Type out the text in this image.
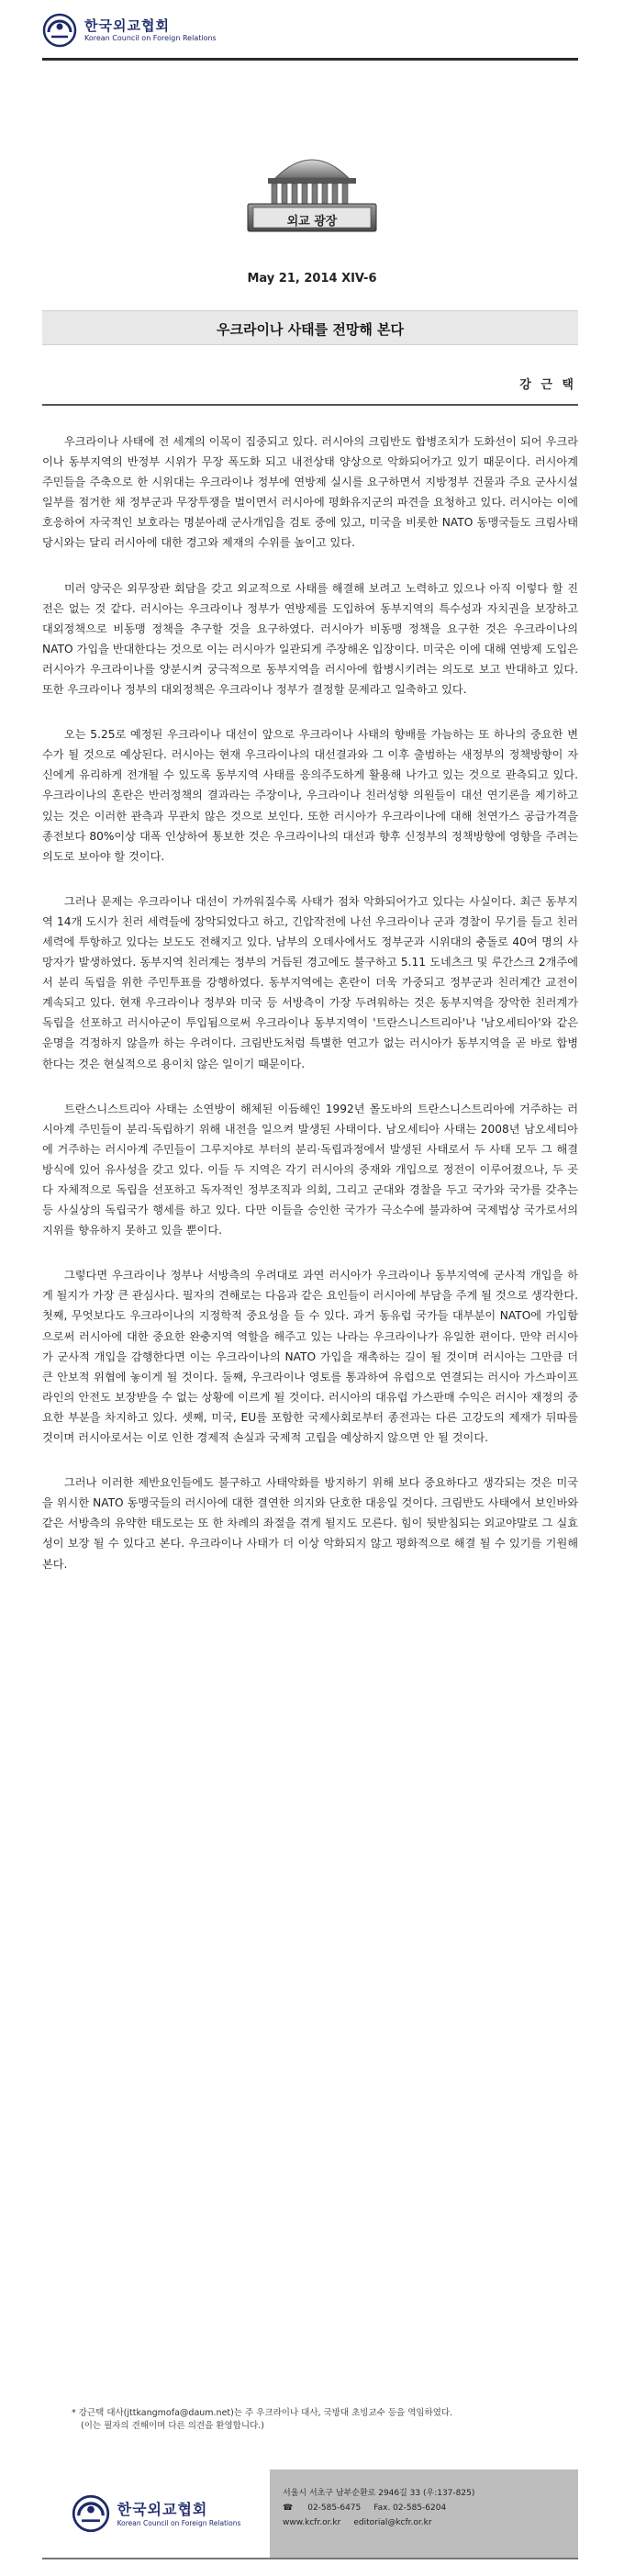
한국외교협회
Korean Council on Foreign Relations
외교 광장
May 21, 2014 XIV-6
우크라이나 사태를 전망해 본다
강 근 택

우크라이나 사태에 전 세계의 이목이 집중되고 있다. 러시아의 크림반도 합병조치가 도화선이 되어 우크라이나 동부지역의 반정부 시위가 무장 폭도화 되고 내전상태 양상으로 악화되어가고 있기 때문이다. 러시아계 주민들을 주축으로 한 시위대는 우크라이나 정부에 연방제 실시를 요구하면서 지방정부 건물과 주요 군사시설 일부를 점거한 채 정부군과 무장투쟁을 벌이면서 러시아에 평화유지군의 파견을 요청하고 있다. 러시아는 이에 호응하여 자국적인 보호라는 명분아래 군사개입을 검토 중에 있고, 미국을 비롯한 NATO 동맹국들도 크림사태 당시와는 달리 러시아에 대한 경고와 제재의 수위를 높이고 있다.

미러 양국은 외무장관 회담을 갖고 외교적으로 사태를 해결해 보려고 노력하고 있으나 아직 이렇다 할 진전은 없는 것 같다. 러시아는 우크라이나 정부가 연방제를 도입하여 동부지역의 특수성과 자치권을 보장하고 대외정책으로 비동맹 정책을 추구할 것을 요구하였다. 러시아가 비동맹 정책을 요구한 것은 우크라이나의 NATO 가입을 반대한다는 것으로 이는 러시아가 일관되게 주장해온 입장이다. 미국은 이에 대해 연방제 도입은 러시아가 우크라이나를 양분시켜 궁극적으로 동부지역을 러시아에 합병시키려는 의도로 보고 반대하고 있다. 또한 우크라이나 정부의 대외정책은 우크라이나 정부가 결정할 문제라고 일축하고 있다.

오는 5.25로 예정된 우크라이나 대선이 앞으로 우크라이나 사태의 향배를 가늠하는 또 하나의 중요한 변수가 될 것으로 예상된다. 러시아는 현재 우크라이나의 대선결과와 그 이후 출범하는 새정부의 정책방향이 자신에게 유리하게 전개될 수 있도록 동부지역 사태를 응의주도하게 활용해 나가고 있는 것으로 관측되고 있다. 우크라이나의 혼란은 반러정책의 결과라는 주장이나, 우크라이나 친러성향 의원들이 대선 연기론을 제기하고 있는 것은 이러한 관측과 무관치 않은 것으로 보인다. 또한 러시아가 우크라이나에 대해 천연가스 공급가격을 종전보다 80%이상 대폭 인상하여 통보한 것은 우크라이나의 대선과 향후 신정부의 정책방향에 영향을 주려는 의도로 보아야 할 것이다.

그러나 문제는 우크라이나 대선이 가까워질수록 사태가 점차 악화되어가고 있다는 사실이다. 최근 동부지역 14개 도시가 친러 세력들에 장악되었다고 하고, 긴압작전에 나선 우크라이나 군과 경찰이 무기를 들고 친러 세력에 투항하고 있다는 보도도 전해지고 있다. 남부의 오데사에서도 정부군과 시위대의 충돌로 40여 명의 사망자가 발생하였다. 동부지역 친러계는 정부의 거듭된 경고에도 불구하고 5.11 도네츠크 및 루간스크 2개주에서 분리 독립을 위한 주민투표를 강행하였다. 동부지역에는 혼란이 더욱 가중되고 정부군과 친러계간 교전이 계속되고 있다. 현재 우크라이나 정부와 미국 등 서방측이 가장 두려워하는 것은 동부지역을 장악한 친러계가 독립을 선포하고 러시아군이 투입됨으로써 우크라이나 동부지역이 '트란스니스트리아'나 '남오세티아'와 같은 운명을 걱정하지 않을까 하는 우려이다. 크림반도처럼 특별한 연고가 없는 러시아가 동부지역을 곧 바로 합병한다는 것은 현실적으로 용이치 않은 일이기 때문이다.

트란스니스트리아 사태는 소연방이 해체된 이듬해인 1992년 몰도바의 트란스니스트리아에 거주하는 러시아계 주민들이 분리·독립하기 위해 내전을 일으켜 발생된 사태이다. 남오세티아 사태는 2008년 남오세티아에 거주하는 러시아계 주민들이 그루지야로 부터의 분리·독립과정에서 발생된 사태로서 두 사태 모두 그 해결방식에 있어 유사성을 갖고 있다. 이들 두 지역은 각기 러시아의 중재와 개입으로 정전이 이루어졌으나, 두 곳 다 자체적으로 독립을 선포하고 독자적인 정부조직과 의회, 그리고 군대와 경찰을 두고 국가와 국가를 갖추는 등 사실상의 독립국가 행세를 하고 있다. 다만 이들을 승인한 국가가 극소수에 불과하여 국제법상 국가로서의 지위를 향유하지 못하고 있을 뿐이다.

그렇다면 우크라이나 정부나 서방측의 우려대로 과연 러시아가 우크라이나 동부지역에 군사적 개입을 하게 될지가 가장 큰 관심사다. 필자의 견해로는 다음과 같은 요인들이 러시아에 부담을 주게 될 것으로 생각한다. 첫째, 무엇보다도 우크라이나의 지정학적 중요성을 들 수 있다. 과거 동유럽 국가들 대부분이 NATO에 가입함으로써 러시아에 대한 중요한 완충지역 역할을 해주고 있는 나라는 우크라이나가 유일한 편이다. 만약 러시아가 군사적 개입을 감행한다면 이는 우크라이나의 NATO 가입을 재촉하는 길이 될 것이며 러시아는 그만큼 더 큰 안보적 위협에 놓이게 될 것이다. 둘째, 우크라이나 영토를 통과하여 유럽으로 연결되는 러시아 가스파이프 라인의 안전도 보장받을 수 없는 상황에 이르게 될 것이다. 러시아의 대유럽 가스판매 수익은 러시아 재정의 중요한 부분을 차지하고 있다. 셋째, 미국, EU를 포함한 국제사회로부터 종전과는 다른 고강도의 제재가 뒤따를 것이며 러시아로서는 이로 인한 경제적 손실과 국제적 고립을 예상하지 않으면 안 될 것이다.

그러나 이러한 제반요인들에도 불구하고 사태악화를 방지하기 위해 보다 중요하다고 생각되는 것은 미국을 위시한 NATO 동맹국들의 러시아에 대한 결연한 의지와 단호한 대응일 것이다. 크림반도 사태에서 보인바와 같은 서방측의 유약한 태도로는 또 한 차례의 좌절을 겪게 될지도 모른다. 힘이 뒷받침되는 외교야말로 그 실효성이 보장 될 수 있다고 본다. 우크라이나 사태가 더 이상 악화되지 않고 평화적으로 해결 될 수 있기를 기원해 본다.

* 강근택 대사(jttkangmofa@daum.net)는 주 우크라이나 대사, 국방대 초빙교수 등을 역임하였다.
(이는 필자의 견해이며 다른 의견을 환영합니다.)
한국외교협회
Korean Council on Foreign Relations
서울시 서초구 남부순환로 2946길 33 (우:137-825)
☎ 02-585-6475 Fax. 02-585-6204
www.kcfr.or.kr editorial@kcfr.or.kr
